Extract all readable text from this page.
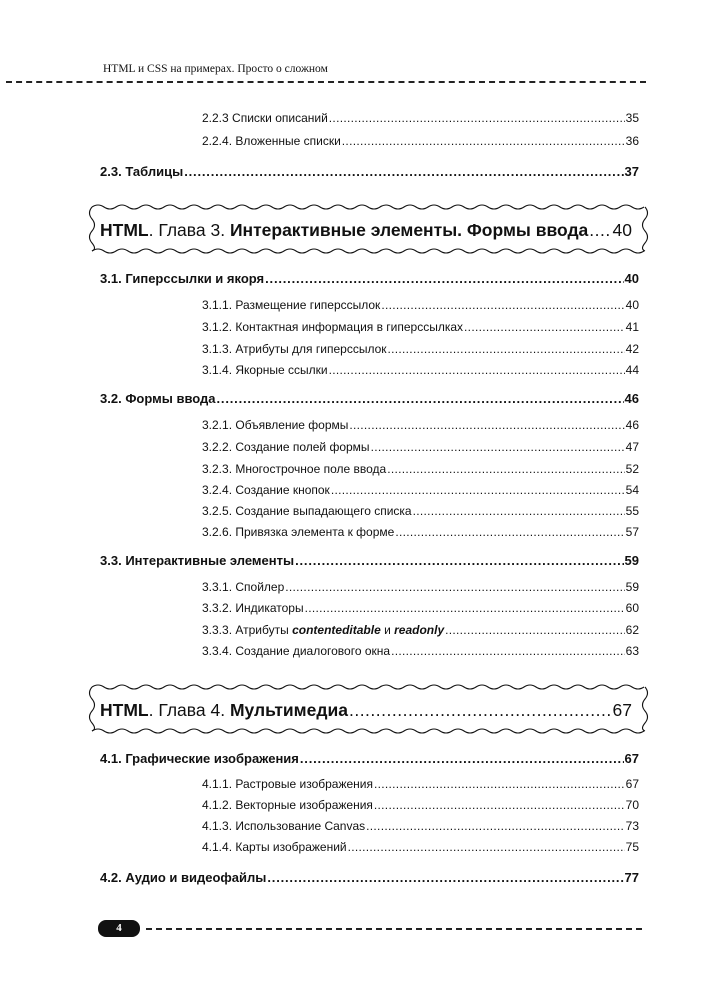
HTML и CSS на примерах. Просто о сложном
2.2.3 Списки описаний .....	35
2.2.4. Вложенные списки .....	36
2.3. Таблицы .....	37
HTML. Глава 3. Интерактивные элементы. Формы ввода ..... 40
3.1. Гиперссылки и якоря .....	40
3.1.1. Размещение гиперссылок .....	40
3.1.2. Контактная информация в гиперссылках .....	41
3.1.3. Атрибуты для гиперссылок .....	42
3.1.4. Якорные ссылки .....	44
3.2. Формы ввода .....	46
3.2.1. Объявление формы .....	46
3.2.2. Создание полей формы .....	47
3.2.3. Многострочное поле ввода .....	52
3.2.4. Создание кнопок .....	54
3.2.5. Создание выпадающего списка .....	55
3.2.6. Привязка элемента к форме .....	57
3.3. Интерактивные элементы .....	59
3.3.1. Спойлер .....	59
3.3.2. Индикаторы .....	60
3.3.3. Атрибуты contenteditable и readonly .....	62
3.3.4. Создание диалогового окна .....	63
HTML. Глава 4. Мультимедиа .....	67
4.1. Графические изображения .....	67
4.1.1. Растровые изображения .....	67
4.1.2. Векторные изображения .....	70
4.1.3. Использование Canvas .....	73
4.1.4. Карты изображений .....	75
4.2. Аудио и видеофайлы .....	77
4
